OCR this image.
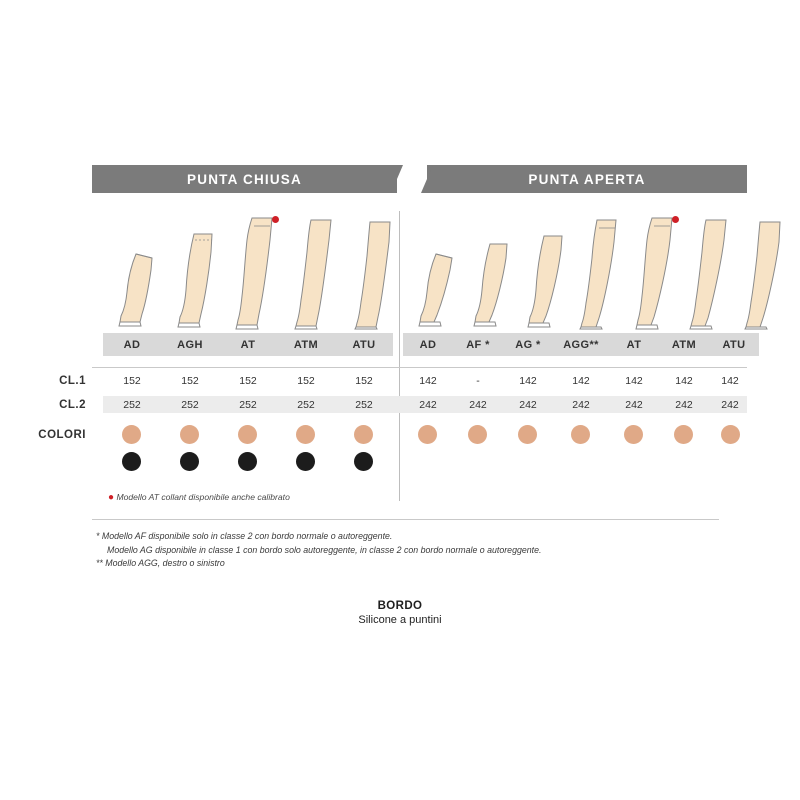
PUNTA CHIUSA	PUNTA APERTA
AD	AGH	AT	ATM	ATU	AD	AF *	AG *	AGG**	AT	ATM	ATU
CL.1	152	152	152	152	152	142	-	142	142	142	142	142
CL.2	252	252	252	252	252	242	242	242	242	242	242	242
COLORI
● Modello AT collant disponibile anche calibrato
* Modello AF disponibile solo in classe 2 con bordo normale o autoreggente.
Modello AG disponibile in classe 1 con bordo solo autoreggente, in classe 2 con bordo normale o autoreggente.
** Modello AGG, destro o sinistro
BORDO
Silicone a puntini
